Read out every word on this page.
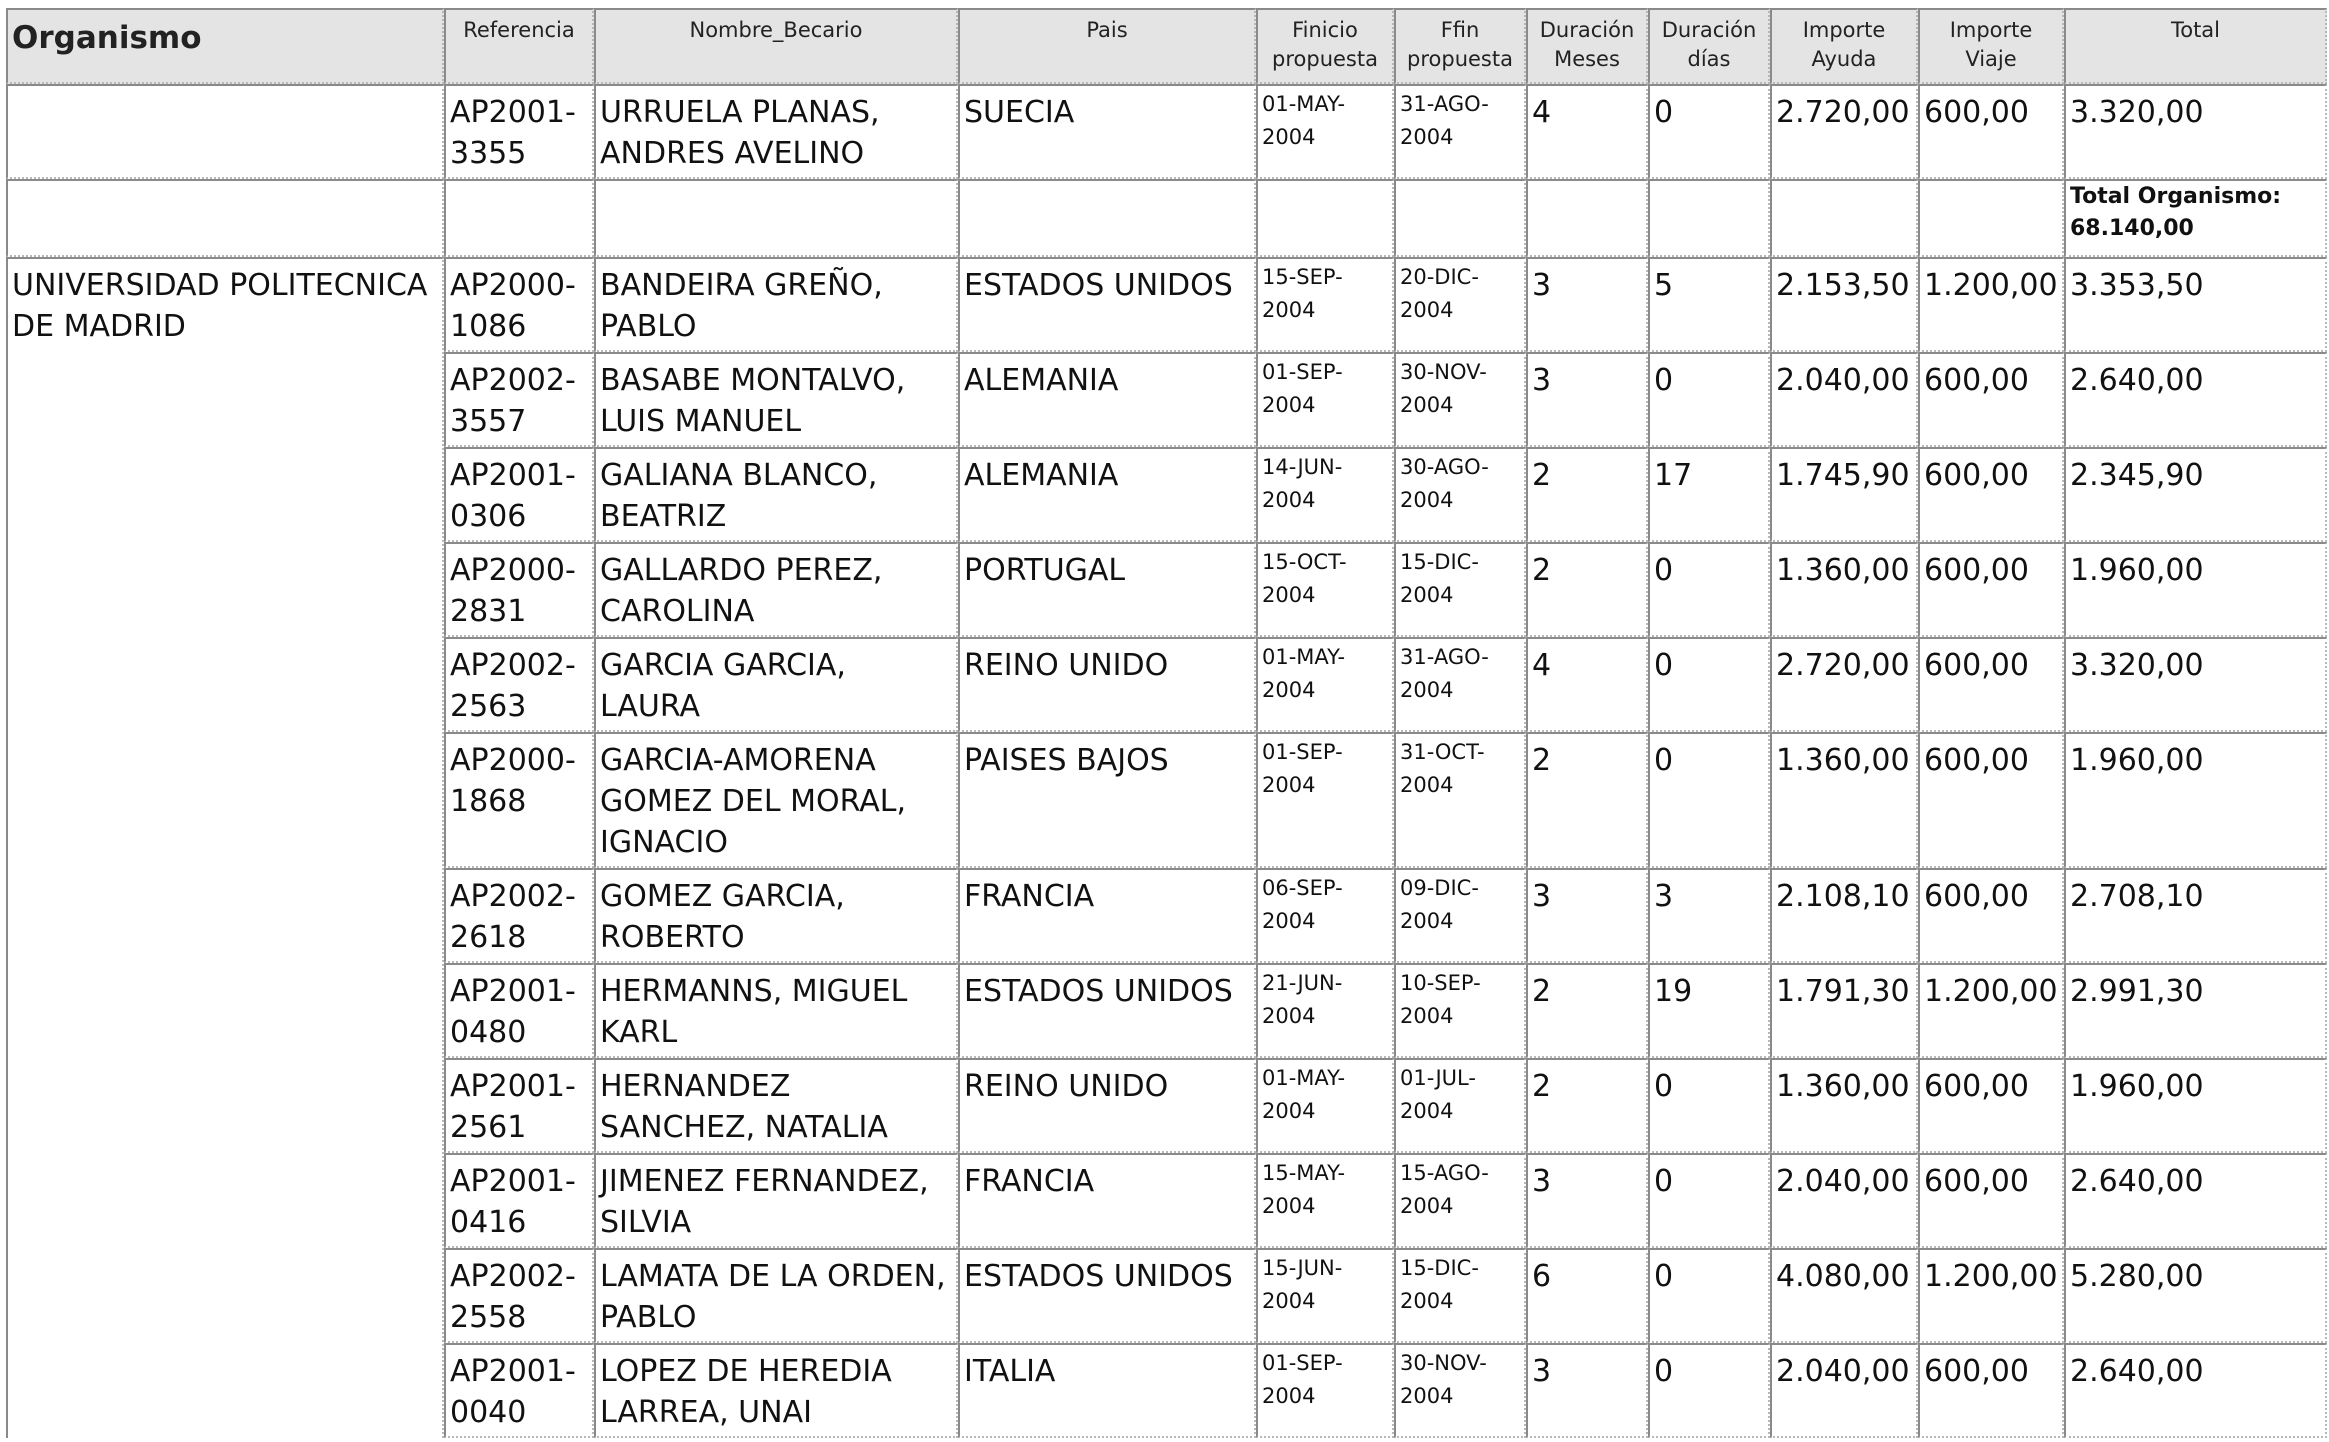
Organismo	Referencia	Nombre_Becario	Pais	Finicio propuesta	Ffin propuesta	Duración Meses	Duración días	Importe Ayuda	Importe Viaje	Total
	AP2001-3355	URRUELA PLANAS, ANDRES AVELINO	SUECIA	01-MAY-2004	31-AGO-2004	4	0	2.720,00	600,00	3.320,00

										Total Organismo:
68.140,00

UNIVERSIDAD POLITECNICA DE MADRID	AP2000-1086	BANDEIRA GREÑO, PABLO	ESTADOS UNIDOS	15-SEP-2004	20-DIC-2004	3	5	2.153,50	1.200,00	3.353,50
	AP2002-3557	BASABE MONTALVO, LUIS MANUEL	ALEMANIA	01-SEP-2004	30-NOV-2004	3	0	2.040,00	600,00	2.640,00
	AP2001-0306	GALIANA BLANCO, BEATRIZ	ALEMANIA	14-JUN-2004	30-AGO-2004	2	17	1.745,90	600,00	2.345,90
	AP2000-2831	GALLARDO PEREZ, CAROLINA	PORTUGAL	15-OCT-2004	15-DIC-2004	2	0	1.360,00	600,00	1.960,00
	AP2002-2563	GARCIA GARCIA, LAURA	REINO UNIDO	01-MAY-2004	31-AGO-2004	4	0	2.720,00	600,00	3.320,00
	AP2000-1868	GARCIA-AMORENA GOMEZ DEL MORAL, IGNACIO	PAISES BAJOS	01-SEP-2004	31-OCT-2004	2	0	1.360,00	600,00	1.960,00
	AP2002-2618	GOMEZ GARCIA, ROBERTO	FRANCIA	06-SEP-2004	09-DIC-2004	3	3	2.108,10	600,00	2.708,10
	AP2001-0480	HERMANNS, MIGUEL KARL	ESTADOS UNIDOS	21-JUN-2004	10-SEP-2004	2	19	1.791,30	1.200,00	2.991,30
	AP2001-2561	HERNANDEZ SANCHEZ, NATALIA	REINO UNIDO	01-MAY-2004	01-JUL-2004	2	0	1.360,00	600,00	1.960,00
	AP2001-0416	JIMENEZ FERNANDEZ, SILVIA	FRANCIA	15-MAY-2004	15-AGO-2004	3	0	2.040,00	600,00	2.640,00
	AP2002-2558	LAMATA DE LA ORDEN, PABLO	ESTADOS UNIDOS	15-JUN-2004	15-DIC-2004	6	0	4.080,00	1.200,00	5.280,00
	AP2001-0040	LOPEZ DE HEREDIA LARREA, UNAI	ITALIA	01-SEP-2004	30-NOV-2004	3	0	2.040,00	600,00	2.640,00
